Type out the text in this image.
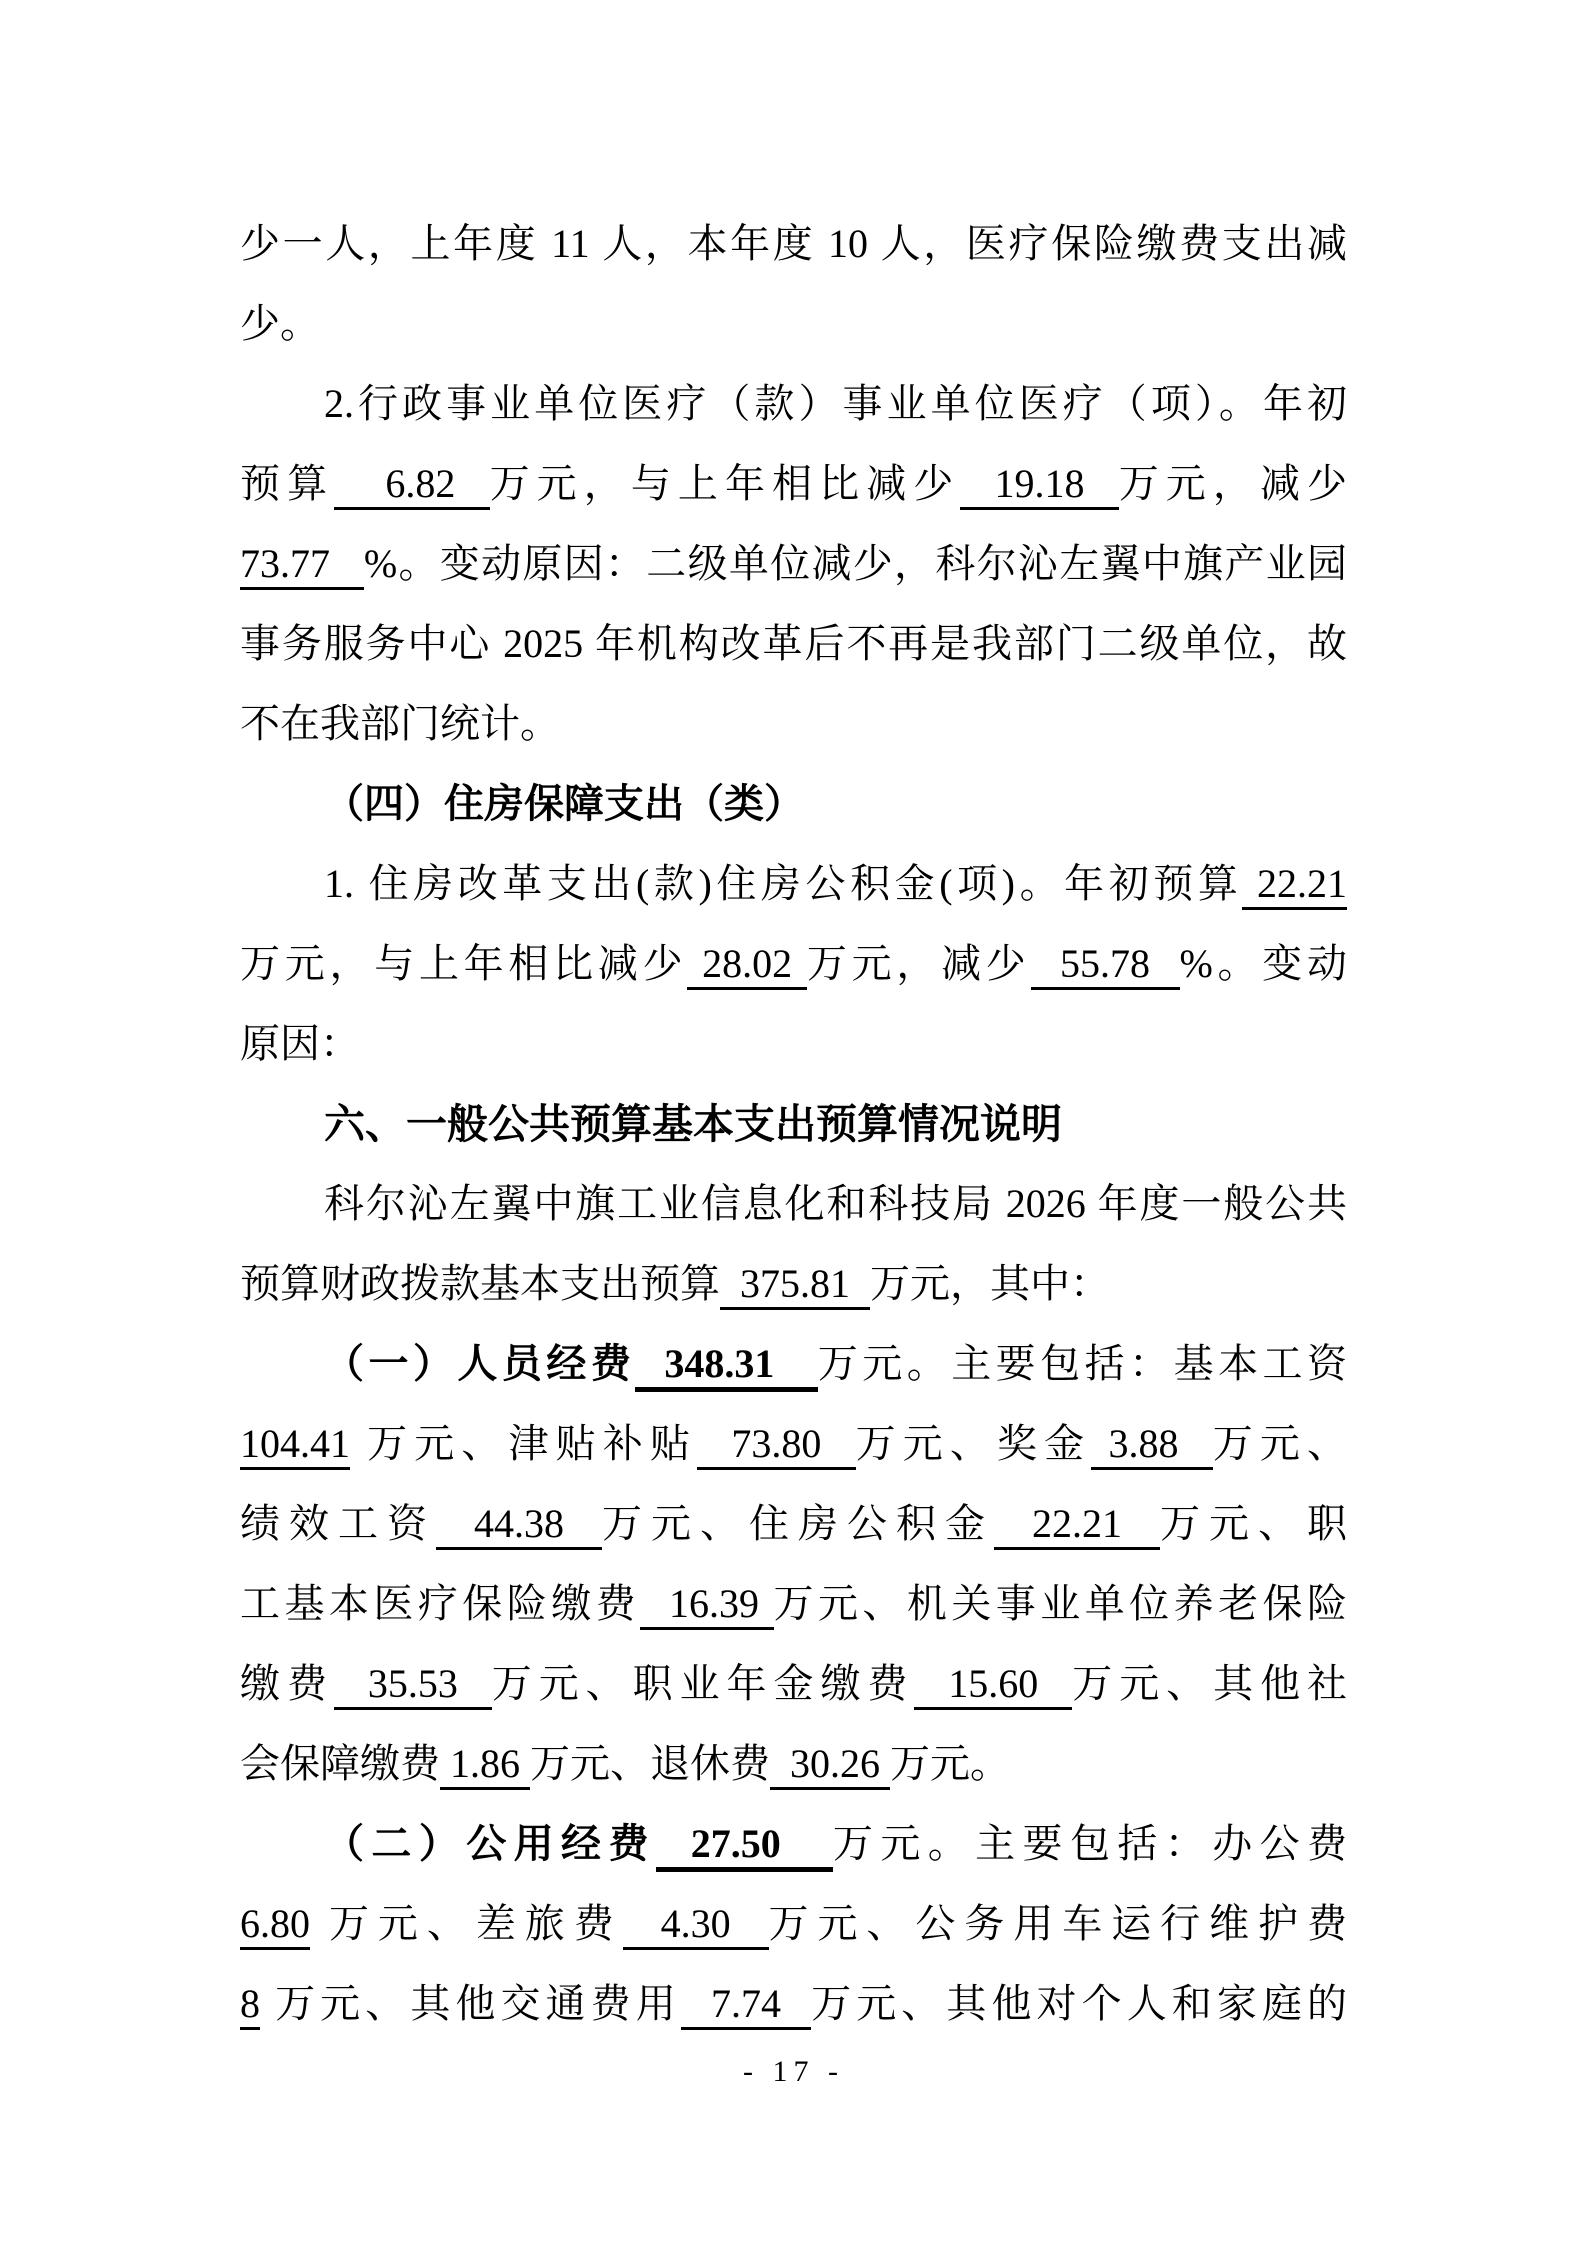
少一人，上年度 11 人，本年度 10 人，医疗保险缴费支出减
少。
2.行政事业单位医疗（款）事业单位医疗（项）。年初
预算   6.82  万元，与上年相比减少  19.18  万元，减少
73.77   %。变动原因：二级单位减少，科尔沁左翼中旗产业园
事务服务中心 2025 年机构改革后不再是我部门二级单位，故
不在我部门统计。
（四）住房保障支出（类）
1. 住房改革支出(款)住房公积金(项)。年初预算 22.21
万元，与上年相比减少 28.02 万元，减少  55.78  %。变动
原因：
六、一般公共预算基本支出预算情况说明
科尔沁左翼中旗工业信息化和科技局 2026 年度一般公共
预算财政拨款基本支出预算  375.81  万元，其中：
（一）人员经费  348.31   万元。主要包括：基本工资
104.41 万元、津贴补贴  73.80  万元、奖金 3.88  万元、
绩效工资  44.38  万元、住房公积金  22.21  万元、职
工基本医疗保险缴费  16.39 万元、机关事业单位养老保险
缴费  35.53  万元、职业年金缴费  15.60  万元、其他社
会保障缴费 1.86 万元、退休费  30.26 万元。
（二）公用经费  27.50   万元。主要包括：办公费
6.80 万元、差旅费  4.30  万元、公务用车运行维护费
8 万元、其他交通费用  7.74  万元、其他对个人和家庭的
- 17 -
